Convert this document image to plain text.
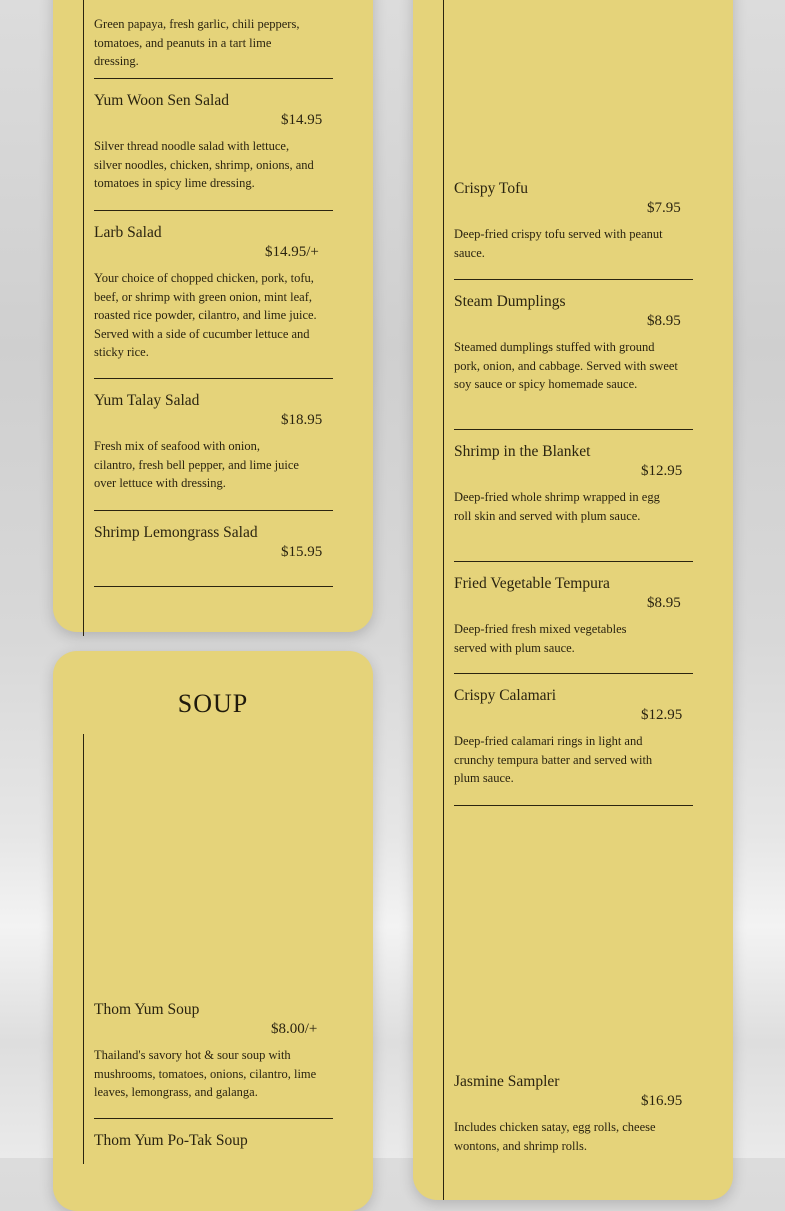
Green papaya, fresh garlic, chili peppers, tomatoes, and peanuts in a tart lime dressing.
Yum Woon Sen Salad
$14.95
Silver thread noodle salad with lettuce, silver noodles, chicken, shrimp, onions, and tomatoes in spicy lime dressing.
Larb Salad
$14.95/+
Your choice of chopped chicken, pork, tofu, beef, or shrimp with green onion, mint leaf, roasted rice powder, cilantro, and lime juice. Served with a side of cucumber lettuce and sticky rice.
Yum Talay Salad
$18.95
Fresh mix of seafood with onion, cilantro, fresh bell pepper, and lime juice over lettuce with dressing.
Shrimp Lemongrass Salad
$15.95
SOUP
Thom Yum Soup
$8.00/+
Thailand's savory hot & sour soup with mushrooms, tomatoes, onions, cilantro, lime leaves, lemongrass, and galanga.
Thom Yum Po-Tak Soup
Crispy Tofu
$7.95
Deep-fried crispy tofu served with peanut sauce.
Steam Dumplings
$8.95
Steamed dumplings stuffed with ground pork, onion, and cabbage. Served with sweet soy sauce or spicy homemade sauce.
Shrimp in the Blanket
$12.95
Deep-fried whole shrimp wrapped in egg roll skin and served with plum sauce.
Fried Vegetable Tempura
$8.95
Deep-fried fresh mixed vegetables served with plum sauce.
Crispy Calamari
$12.95
Deep-fried calamari rings in light and crunchy tempura batter and served with plum sauce.
Jasmine Sampler
$16.95
Includes chicken satay, egg rolls, cheese wontons, and shrimp rolls.
